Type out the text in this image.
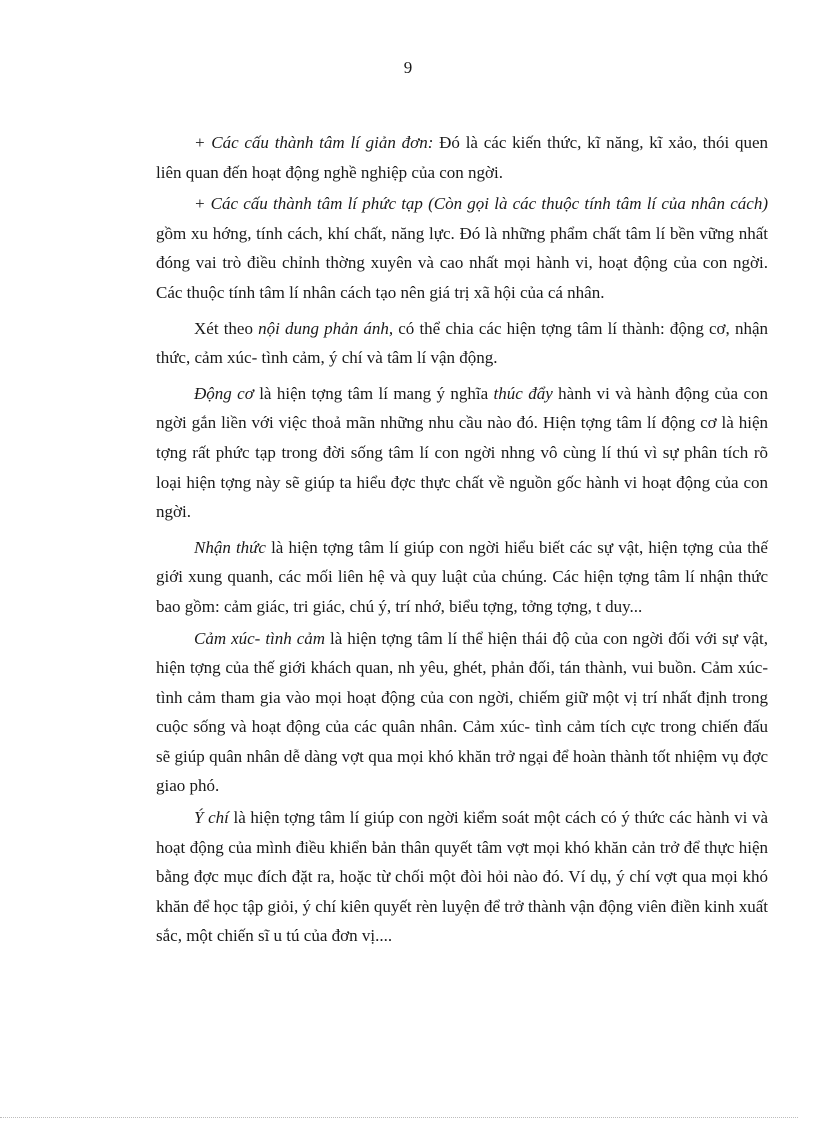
9

+ Các cấu thành tâm lí giản đơn: Đó là các kiến thức, kĩ năng, kĩ xảo, thói quen liên quan đến hoạt động nghề nghiệp của con ngời.

+ Các cấu thành tâm lí phức tạp (Còn gọi là các thuộc tính tâm lí của nhân cách) gồm xu hớng, tính cách, khí chất, năng lực. Đó là những phẩm chất tâm lí bền vững nhất đóng vai trò điều chỉnh thờng xuyên và cao nhất mọi hành vi, hoạt động của con ngời. Các thuộc tính tâm lí nhân cách tạo nên giá trị xã hội của cá nhân.

Xét theo nội dung phản ánh, có thể chia các hiện tợng tâm lí thành: động cơ, nhận thức, cảm xúc- tình cảm, ý chí và tâm lí vận động.

Động cơ là hiện tợng tâm lí mang ý nghĩa thúc đẩy hành vi và hành động của con ngời gắn liền với việc thoả mãn những nhu cầu nào đó. Hiện tợng tâm lí động cơ là hiện tợng rất phức tạp trong đời sống tâm lí con ngời nhng vô cùng lí thú vì sự phân tích rõ loại hiện tợng này sẽ giúp ta hiểu đợc thực chất về nguồn gốc hành vi hoạt động của con ngời.

Nhận thức là hiện tợng tâm lí giúp con ngời hiểu biết các sự vật, hiện tợng của thế giới xung quanh, các mối liên hệ và quy luật của chúng. Các hiện tợng tâm lí nhận thức bao gồm: cảm giác, tri giác, chú ý, trí nhớ, biểu tợng, tởng tợng, t duy...

Cảm xúc- tình cảm là hiện tợng tâm lí thể hiện thái độ của con ngời đối với sự vật, hiện tợng của thế giới khách quan, nh yêu, ghét, phản đối, tán thành, vui buồn. Cảm xúc- tình cảm tham gia vào mọi hoạt động của con ngời, chiếm giữ một vị trí nhất định trong cuộc sống và hoạt động của các quân nhân. Cảm xúc- tình cảm tích cực trong chiến đấu sẽ giúp quân nhân dễ dàng vợt qua mọi khó khăn trở ngại để hoàn thành tốt nhiệm vụ đợc giao phó.

Ý chí là hiện tợng tâm lí giúp con ngời kiểm soát một cách có ý thức các hành vi và hoạt động của mình điều khiển bản thân quyết tâm vợt mọi khó khăn cản trở để thực hiện bằng đợc mục đích đặt ra, hoặc từ chối một đòi hỏi nào đó. Ví dụ, ý chí vợt qua mọi khó khăn để học tập giỏi, ý chí kiên quyết rèn luyện để trở thành vận động viên điền kinh xuất sắc, một chiến sĩ u tú của đơn vị....
